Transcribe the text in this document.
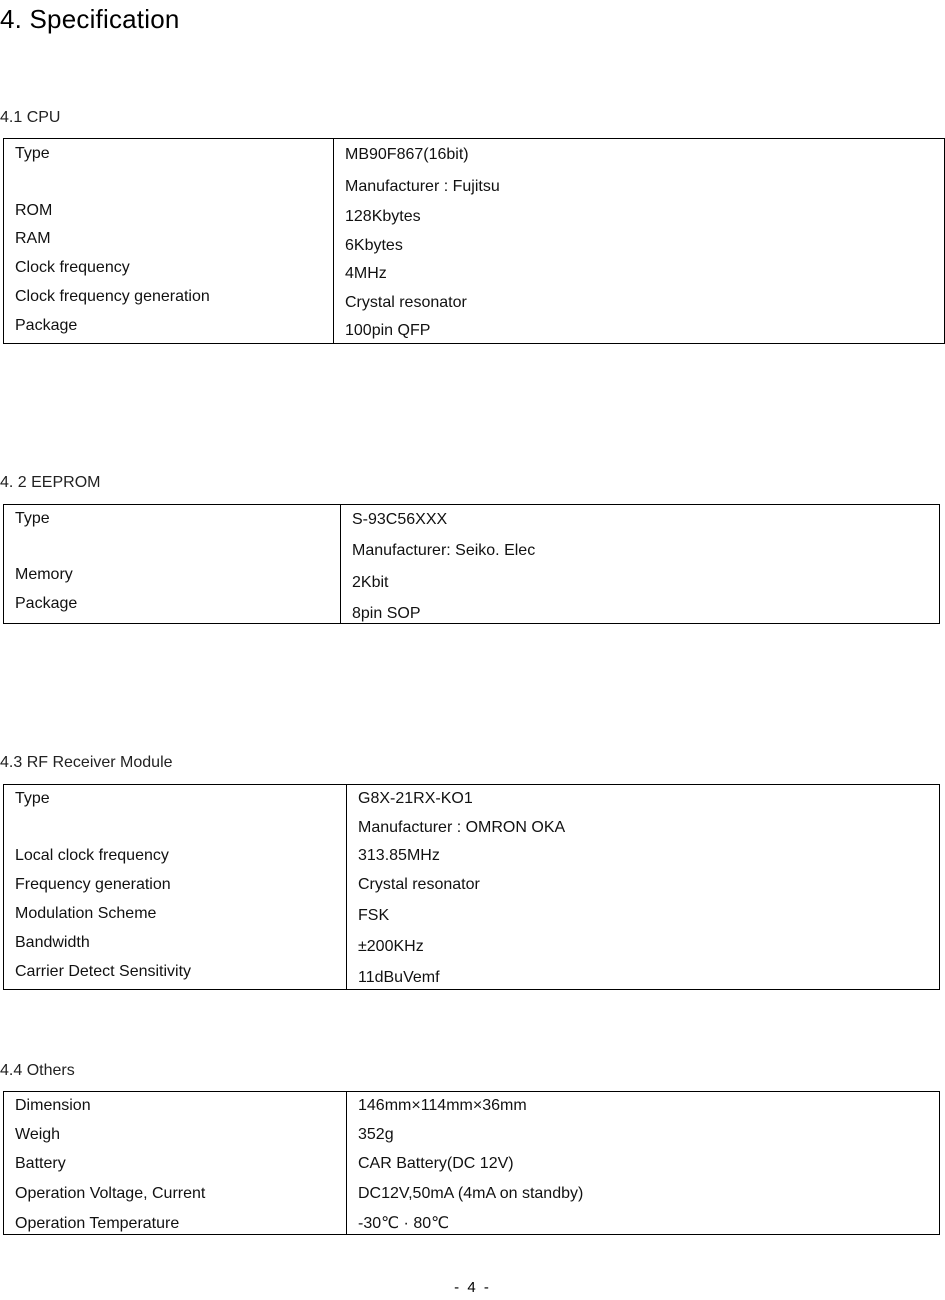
4. Specification
4.1 CPU
Type
ROM
RAM
Clock frequency
Clock frequency generation
Package
MB90F867(16bit)
Manufacturer : Fujitsu
128Kbytes
6Kbytes
4MHz
Crystal resonator
100pin QFP
4. 2 EEPROM
Type
Memory
Package
S-93C56XXX
Manufacturer: Seiko. Elec
2Kbit
8pin SOP
4.3 RF Receiver Module
Type
Local clock frequency
Frequency generation
Modulation Scheme
Bandwidth
Carrier Detect Sensitivity
G8X-21RX-KO1
Manufacturer : OMRON OKA
313.85MHz
Crystal resonator
FSK
±200KHz
11dBuVemf
4.4 Others
Dimension
Weigh
Battery
Operation Voltage, Current
Operation Temperature
146mm×114mm×36mm
352g
CAR Battery(DC 12V)
DC12V,50mA (4mA on standby)
-30℃ · 80℃
- 4 -
